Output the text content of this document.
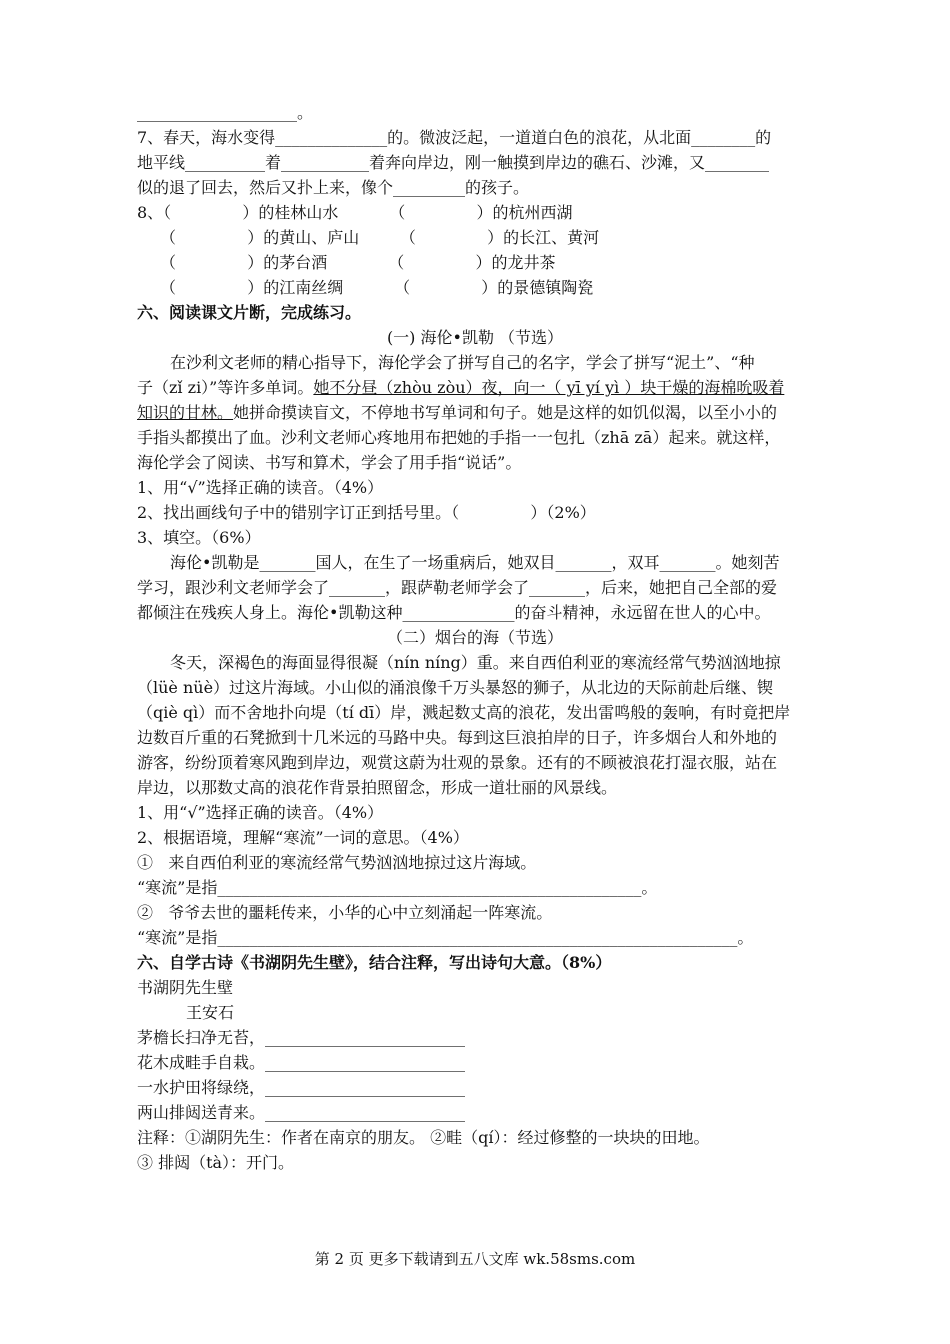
____________________。
7、春天，海水变得______________的。微波泛起，一道道白色的浪花，从北面________的
地平线__________着___________着奔向岸边，刚一触摸到岸边的礁石、沙滩，又________
似的退了回去，然后又扑上来，像个_________的孩子。
8、（              ）的桂林山水          （              ）的杭州西湖
（              ）的黄山、庐山        （              ）的长江、黄河
（              ）的茅台酒            （              ）的龙井茶
（              ）的江南丝绸          （              ）的景德镇陶瓷
六、阅读课文片断，完成练习。
(一) 海伦•凯勒 （节选）
在沙利文老师的精心指导下，海伦学会了拼写自己的名字，学会了拼写“泥土”、“种
子（zǐ zi）”等许多单词。她不分昼（zhòu zòu）夜，向一（ yī yí yì ）块干燥的海棉吮吸着
知识的甘林。她拼命摸读盲文，不停地书写单词和句子。她是这样的如饥似渴，以至小小的
手指头都摸出了血。沙利文老师心疼地用布把她的手指一一包扎（zhā zā）起来。就这样，
海伦学会了阅读、书写和算术，学会了用手指“说话”。
1、用“√”选择正确的读音。（4%）
2、找出画线句子中的错别字订正到括号里。（              ）（2%）
3、填空。（6%）
海伦•凯勒是_______国人，在生了一场重病后，她双目_______，双耳_______。她刻苦
学习，跟沙利文老师学会了_______，跟萨勒老师学会了_______，后来，她把自己全部的爱
都倾注在残疾人身上。海伦•凯勒这种______________的奋斗精神，永远留在世人的心中。
（二）烟台的海（节选）
冬天，深褐色的海面显得很凝（nín níng）重。来自西伯利亚的寒流经常气势汹汹地掠
（lüè nüè）过这片海域。小山似的涌浪像千万头暴怒的狮子，从北边的天际前赴后继、锲
（qiè qì）而不舍地扑向堤（tí dī）岸，溅起数丈高的浪花，发出雷鸣般的轰响，有时竟把岸
边数百斤重的石凳掀到十几米远的马路中央。每到这巨浪拍岸的日子，许多烟台人和外地的
游客，纷纷顶着寒风跑到岸边，观赏这蔚为壮观的景象。还有的不顾被浪花打湿衣服，站在
岸边，以那数丈高的浪花作背景拍照留念，形成一道壮丽的风景线。
1、用“√”选择正确的读音。（4%）
2、根据语境，理解“寒流”一词的意思。（4%）
①   来自西伯利亚的寒流经常气势汹汹地掠过这片海域。
“寒流”是指_____________________________________________________。
②   爷爷去世的噩耗传来，小华的心中立刻涌起一阵寒流。
“寒流”是指_________________________________________________________________。
六、自学古诗《书湖阴先生壁》，结合注释，写出诗句大意。（8%）
书湖阴先生壁
王安石
茅檐长扫净无苔，_________________________
花木成畦手自栽。_________________________
一水护田将绿绕，_________________________
两山排闼送青来。_________________________
注释：①湖阴先生：作者在南京的朋友。 ②畦（qí）：经过修整的一块块的田地。
③ 排闼（tà）：开门。
第 2 页 更多下载请到五八文库 wk.58sms.com
